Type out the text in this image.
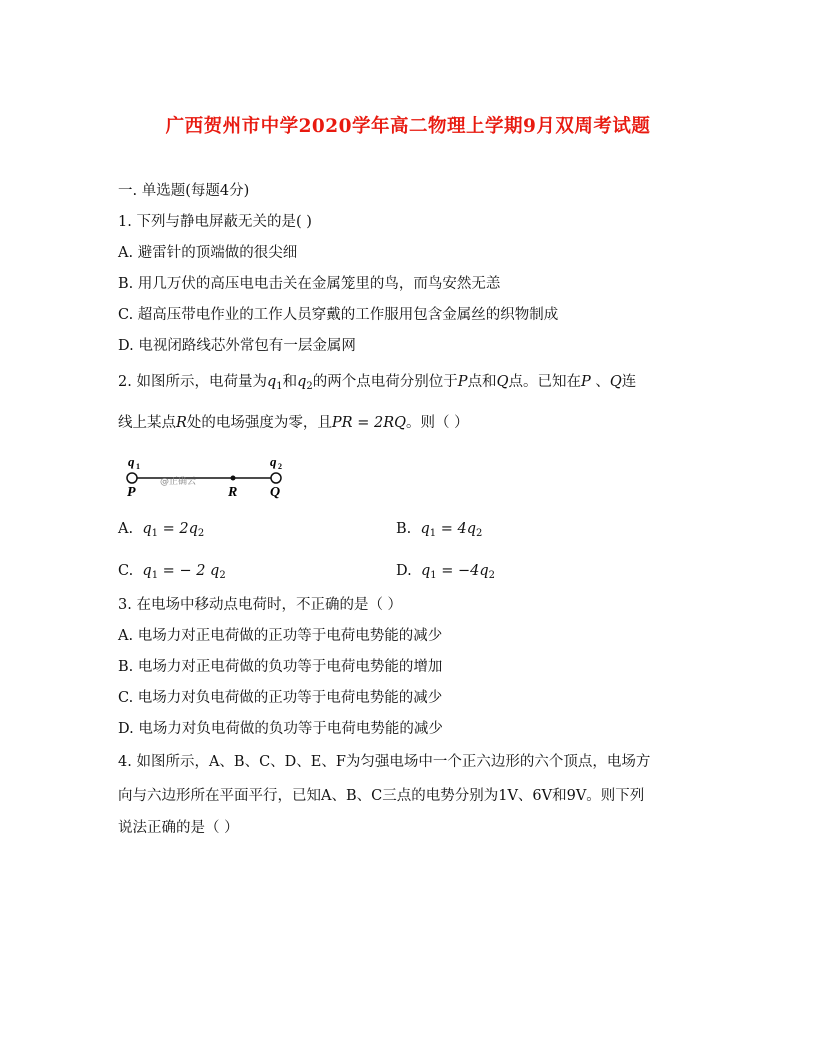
广西贺州市中学2020学年高二物理上学期9月双周考试题
一. 单选题(每题4分)
1. 下列与静电屏蔽无关的是( )
A. 避雷针的顶端做的很尖细
B. 用几万伏的高压电电击关在金属笼里的鸟，而鸟安然无恙
C. 超高压带电作业的工作人员穿戴的工作服用包含金属丝的织物制成
D. 电视闭路线芯外常包有一层金属网
2. 如图所示，电荷量为$q_1$和$q_2$的两个点电荷分别位于P点和Q点。已知在P 、Q连
线上某点R处的电场强度为零，且PR = 2RQ。则（ ）
q 1	q 2
@正确云
P	R Q
A. $q_1 = 2q_2$	B. $q_1 = 4q_2$
C. $q_1$ = − 2 $q_2$	D. $q_1 = -4q_2$
3. 在电场中移动点电荷时，不正确的是（ ）
A. 电场力对正电荷做的正功等于电荷电势能的减少
B. 电场力对正电荷做的负功等于电荷电势能的增加
C. 电场力对负电荷做的正功等于电荷电势能的减少
D. 电场力对负电荷做的负功等于电荷电势能的减少
4. 如图所示，A、B、C、D、E、F为匀强电场中一个正六边形的六个顶点，电场方
向与六边形所在平面平行，已知A、B、C三点的电势分别为1V、6V和9V。则下列
说法正确的是（ ）
